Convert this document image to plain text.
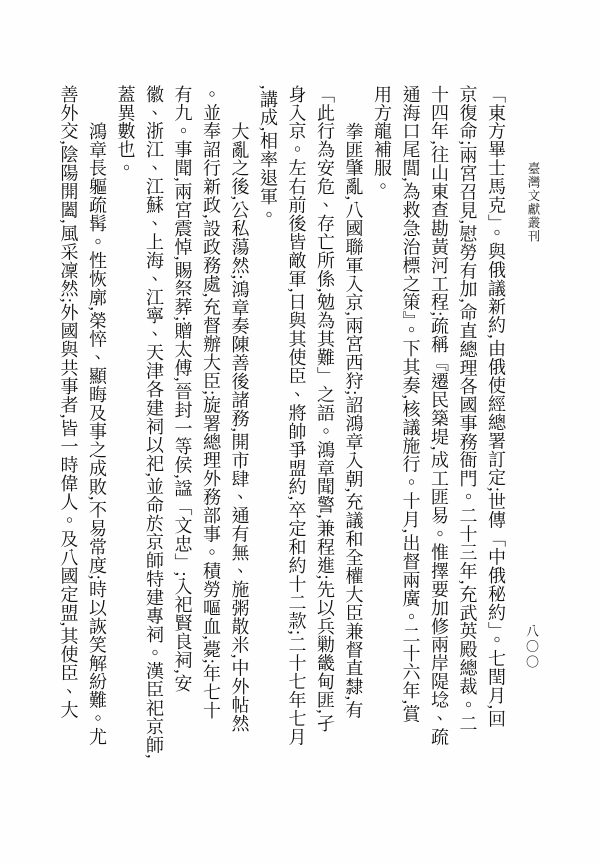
臺灣文獻叢刊
八〇〇
「東方畢士馬克」。與俄議新約,由俄使經總署訂定;世傳「中俄秘約」。七閏月,回
京復命;兩宮召見,慰勞有加,命直總理各國事務衙門。二十三年,充武英殿總裁。二
十四年,往山東查勘黃河工程;疏稱『遷民築堤,成工匪易。惟擇要加修兩岸隄埝、疏
通海口尾閭,為救急治標之策』。下其奏,核議施行。十月,出督兩廣。二十六年,賞
用方龍補服。
拳匪肇亂,八國聯軍入京,兩宮西狩;詔鴻章入朝,充議和全權大臣兼督直隸,有
「此行為安危、存亡所係,勉為其難」之語。鴻章聞警,兼程進;先以兵勦畿甸匪,孑
身入京。左右前後皆敵軍,日與其使臣、將帥爭盟約,卒定和約十二款;二十七年七月
,講成,相率退軍。
大亂之後,公私蕩然;鴻章奏陳善後諸務,開市肆、通有無、施粥散米,中外帖然
。並奉詔行新政,設政務處,充督辦大臣;旋署總理外務部事。積勞嘔血,薨;年七十
有九。事聞,兩宮震悼,賜祭葬;贈太傅,晉封一等侯,諡「文忠」;入祀賢良祠,安
徽、浙江、江蘇、上海、江寧、天津各建祠以祀,並命於京師特建專祠。漢臣祀京師,
蓋異數也。
鴻章長軀疏髯。性恢廓,榮悴、顯晦及事之成敗,不易常度;時以詼笑解紛難。尤
善外交,陰陽開闔,風采凜然;外國與共事者,皆一時偉人。及八國定盟,其使臣、大
